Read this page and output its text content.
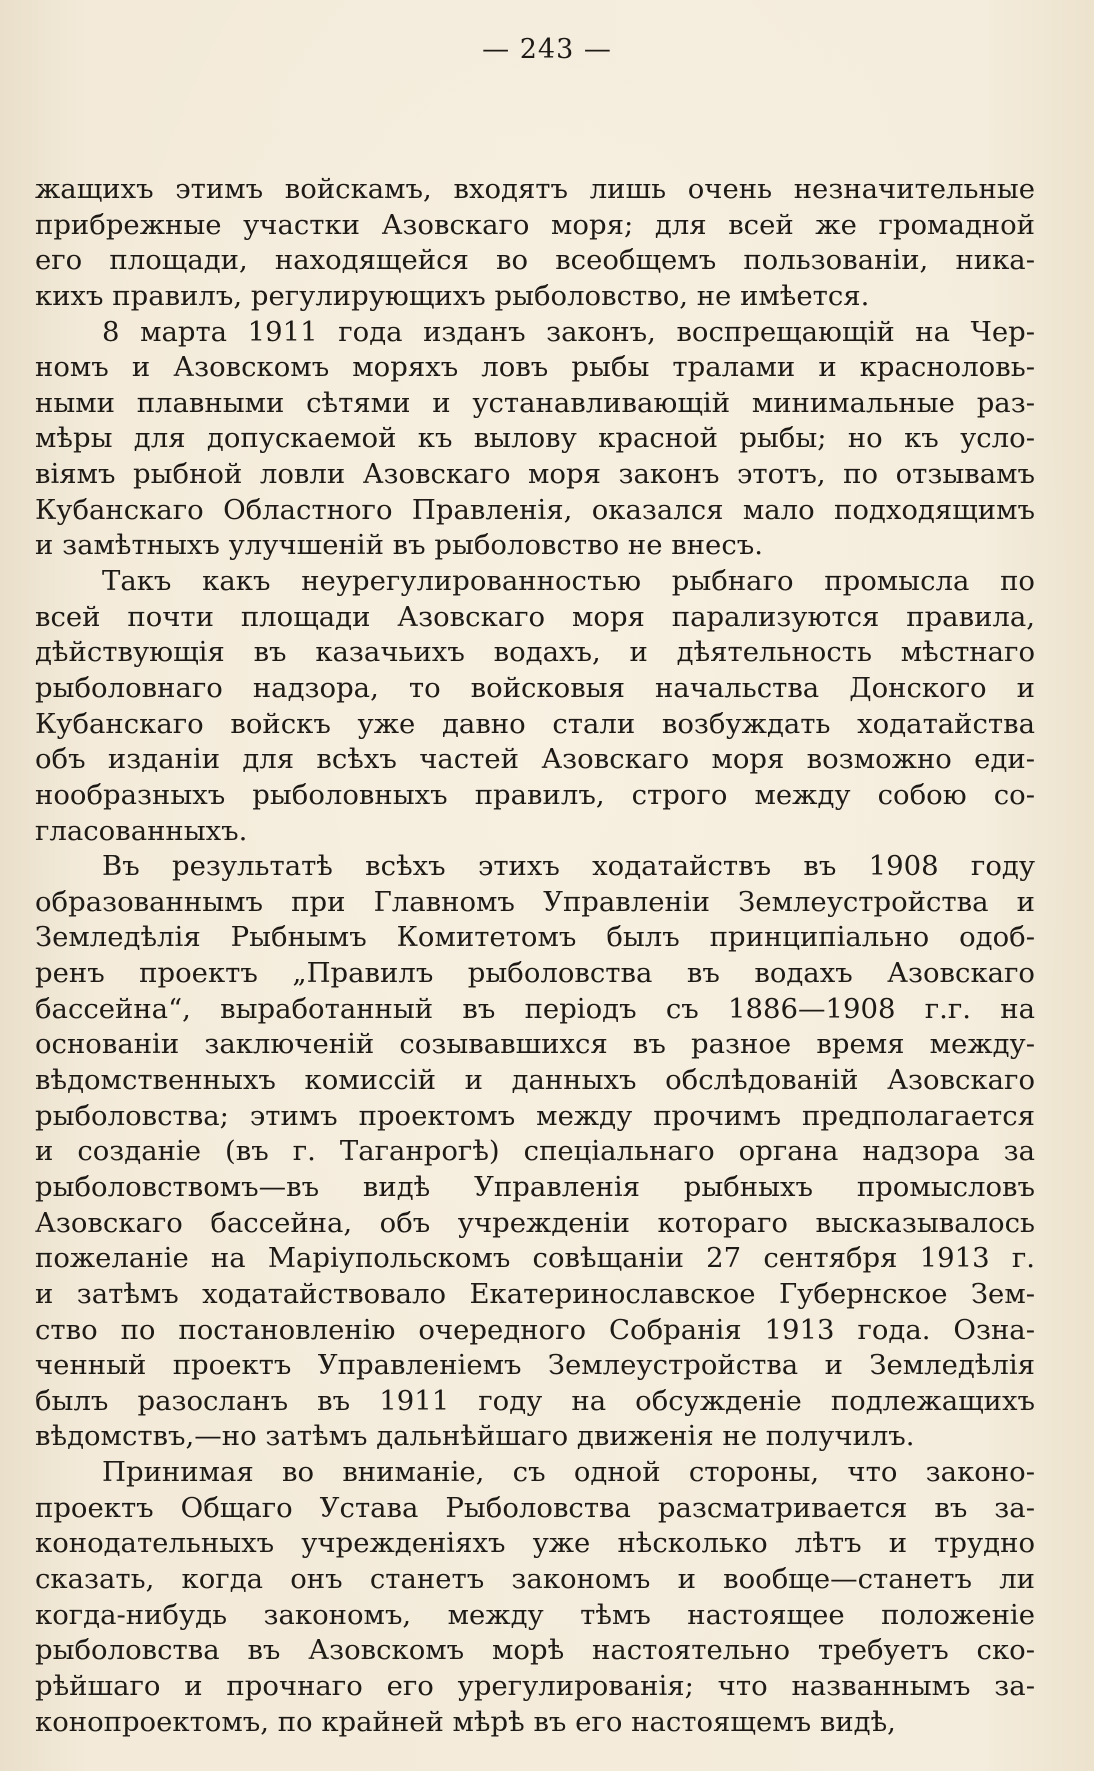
— 243 —
жащихъ этимъ войскамъ, входятъ лишь очень незначительные
прибрежные участки Азовскаго моря; для всей же громадной
его площади, находящейся во всеобщемъ пользованіи, ника-
кихъ правилъ, регулирующихъ рыболовство, не имѣется.
8 марта 1911 года изданъ законъ, воспрещающій на Чер-
номъ и Азовскомъ моряхъ ловъ рыбы тралами и красноловь-
ными плавными сѣтями и устанавливающій минимальные раз-
мѣры для допускаемой къ вылову красной рыбы; но къ усло-
віямъ рыбной ловли Азовскаго моря законъ этотъ, по отзывамъ
Кубанскаго Областного Правленія, оказался мало подходящимъ
и замѣтныхъ улучшеній въ рыболовство не внесъ.
Такъ какъ неурегулированностью рыбнаго промысла по
всей почти площади Азовскаго моря парализуются правила,
дѣйствующія въ казачьихъ водахъ, и дѣятельность мѣстнаго
рыболовнаго надзора, то войсковыя начальства Донского и
Кубанскаго войскъ уже давно стали возбуждать ходатайства
объ изданіи для всѣхъ частей Азовскаго моря возможно еди-
нообразныхъ рыболовныхъ правилъ, строго между собою со-
гласованныхъ.
Въ результатѣ всѣхъ этихъ ходатайствъ въ 1908 году
образованнымъ при Главномъ Управленіи Землеустройства и
Земледѣлія Рыбнымъ Комитетомъ былъ принципіально одоб-
ренъ проектъ „Правилъ рыболовства въ водахъ Азовскаго
бассейна“, выработанный въ періодъ съ 1886—1908 г.г. на
основаніи заключеній созывавшихся въ разное время между-
вѣдомственныхъ комиссій и данныхъ обслѣдованій Азовскаго
рыболовства; этимъ проектомъ между прочимъ предполагается
и созданіе (въ г. Таганрогѣ) спеціальнаго органа надзора за
рыболовствомъ—въ видѣ Управленія рыбныхъ промысловъ
Азовскаго бассейна, объ учрежденіи котораго высказывалось
пожеланіе на Маріупольскомъ совѣщаніи 27 сентября 1913 г.
и затѣмъ ходатайствовало Екатеринославское Губернское Зем-
ство по постановленію очередного Собранія 1913 года. Озна-
ченный проектъ Управленіемъ Землеустройства и Земледѣлія
былъ разосланъ въ 1911 году на обсужденіе подлежащихъ
вѣдомствъ,—но затѣмъ дальнѣйшаго движенія не получилъ.
Принимая во вниманіе, съ одной стороны, что законо-
проектъ Общаго Устава Рыболовства разсматривается въ за-
конодательныхъ учрежденіяхъ уже нѣсколько лѣтъ и трудно
сказать, когда онъ станетъ закономъ и вообще—станетъ ли
когда-нибудь закономъ, между тѣмъ настоящее положеніе
рыболовства въ Азовскомъ морѣ настоятельно требуетъ ско-
рѣйшаго и прочнаго его урегулированія; что названнымъ за-
конопроектомъ, по крайней мѣрѣ въ его настоящемъ видѣ,
